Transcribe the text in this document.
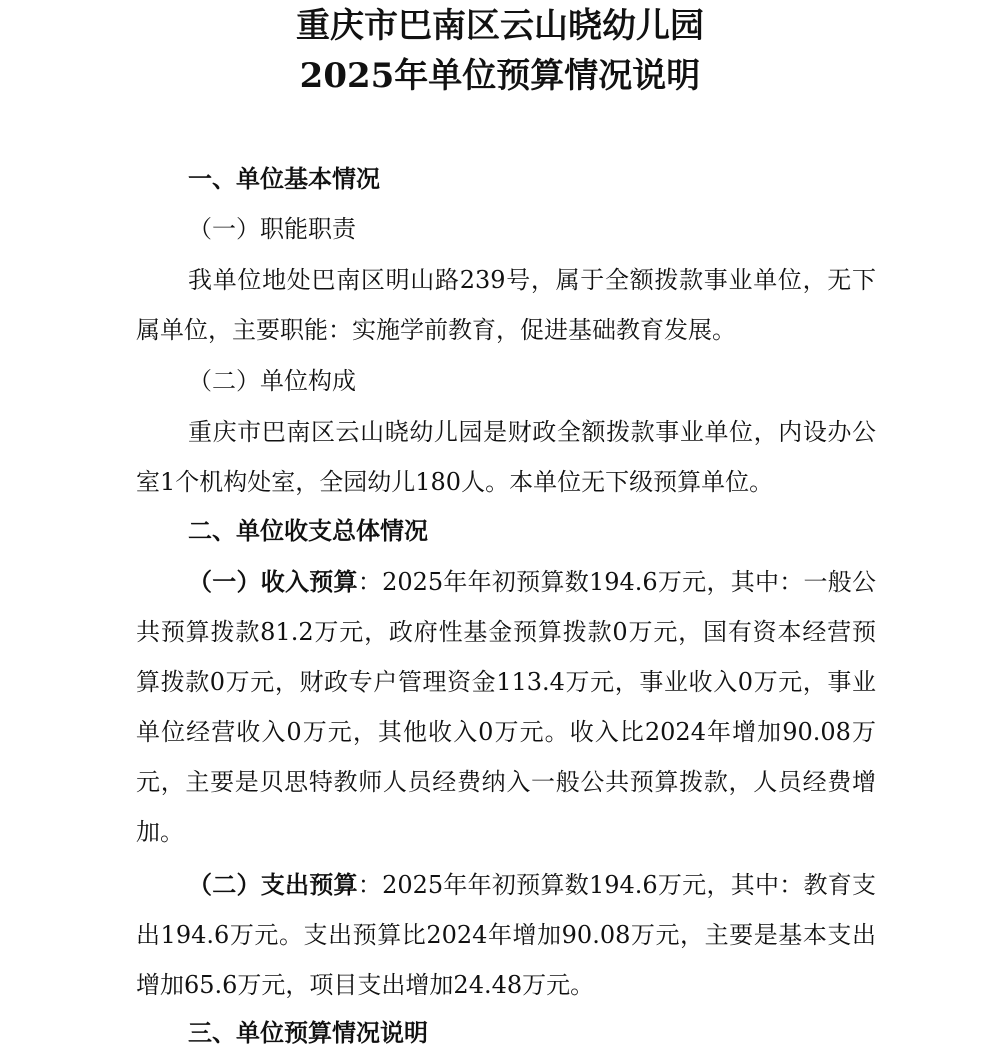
重庆市巴南区云山晓幼儿园
2025年单位预算情况说明
一、单位基本情况
（一）职能职责
我单位地处巴南区明山路239号，属于全额拨款事业单位，无下属单位，主要职能：实施学前教育，促进基础教育发展。
（二）单位构成
重庆市巴南区云山晓幼儿园是财政全额拨款事业单位，内设办公室1个机构处室，全园幼儿180人。本单位无下级预算单位。
二、单位收支总体情况
（一）收入预算：2025年年初预算数194.6万元，其中：一般公共预算拨款81.2万元，政府性基金预算拨款0万元，国有资本经营预算拨款0万元，财政专户管理资金113.4万元，事业收入0万元，事业单位经营收入0万元，其他收入0万元。收入比2024年增加90.08万元，主要是贝思特教师人员经费纳入一般公共预算拨款，人员经费增加。
（二）支出预算：2025年年初预算数194.6万元，其中：教育支出194.6万元。支出预算比2024年增加90.08万元，主要是基本支出增加65.6万元，项目支出增加24.48万元。
三、单位预算情况说明
